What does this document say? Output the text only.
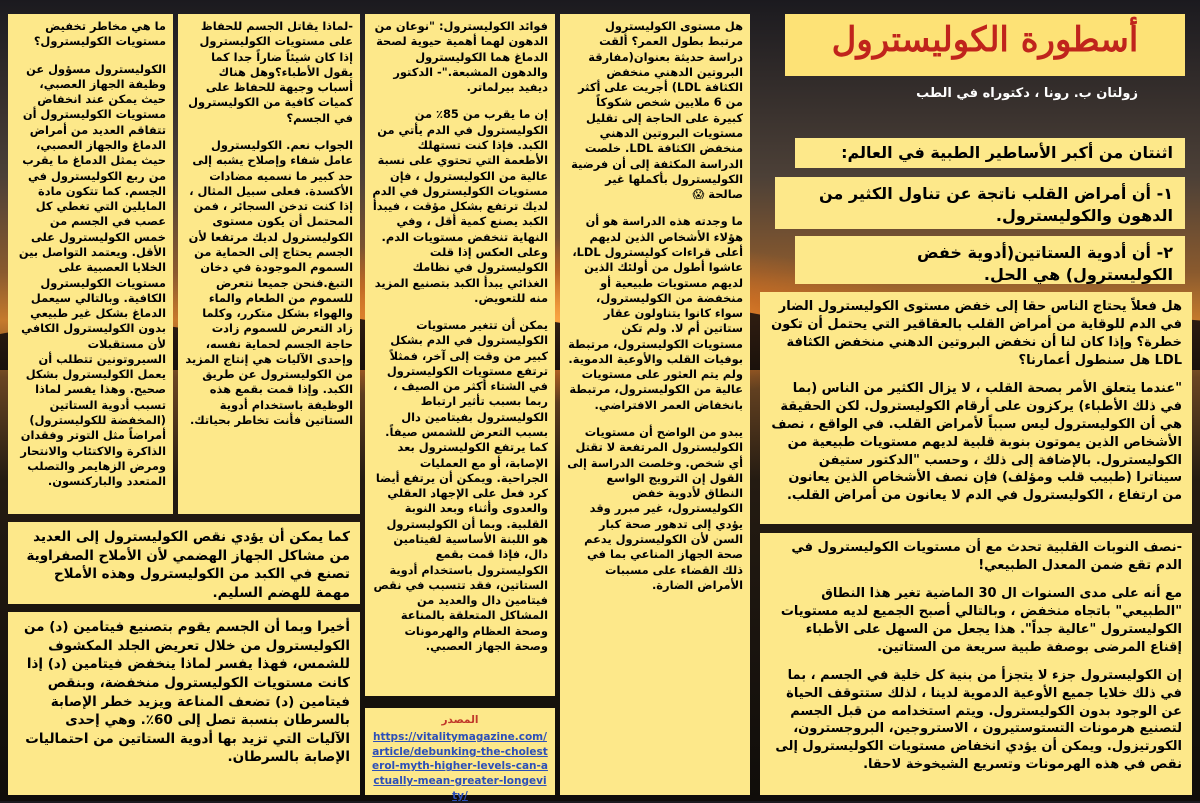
أسطورة الكوليسترول
زولتان ب. رونا ، دكتوراه في الطب
اثنتان من أكبر الأساطير الطبية في العالم:
١- أن أمراض القلب ناتجة عن تناول الكثير من الدهون والكوليسترول.
٢- أن أدوية الستاتين(أدوية خفض الكوليسترول) هي الحل.

هل فعلاً يحتاج الناس حقا إلى خفض مستوى الكوليسترول الضار في الدم للوقاية من أمراض القلب بالعقاقير التي يحتمل أن تكون خطرة؟ وإذا كان لنا أن نخفض البروتين الدهني منخفض الكثافة LDL هل سنطول أعمارنا؟

"عندما يتعلق الأمر بصحة القلب ، لا يزال الكثير من الناس (بما في ذلك الأطباء) يركزون على أرقام الكوليسترول. لكن الحقيقة هي أن الكوليسترول ليس سبباً لأمراض القلب. في الواقع ، نصف الأشخاص الذين يموتون بنوبة قلبية لديهم مستويات طبيعية من الكوليسترول. بالإضافة إلى ذلك ، وحسب "الدكتور ستيفن سيناترا (طبيب قلب ومؤلف) فإن نصف الأشخاص الذين يعانون من ارتفاع ، الكوليسترول في الدم لا يعانون من أمراض القلب.

-نصف النوبات القلبية تحدث مع أن مستويات الكوليسترول في الدم تقع ضمن المعدل الطبيعي!

مع أنه على مدى السنوات ال 30 الماضية تغير هذا النطاق "الطبيعي" باتجاه منخفض ، وبالتالي أصبح الجميع لديه مستويات الكوليسترول "عالية جداً". هذا يجعل من السهل على الأطباء إقناع المرضى بوصفة طبية سريعة من الستاتين.

إن الكوليسترول جزء لا يتجزأ من بنية كل خلية في الجسم ، بما في ذلك خلايا جميع الأوعية الدموية لدينا ، لذلك ستتوقف الحياة عن الوجود بدون الكوليسترول. ويتم استخدامه من قبل الجسم لتصنيع هرمونات التستوستيرون ، الاستروجين، البروجسترون، الكورتيزول. ويمكن أن يؤدي انخفاض مستويات الكوليسترول إلى نقص في هذه الهرمونات وتسريع الشيخوخة لاحقا.

هل مستوى الكوليسترول مرتبط بطول العمر؟ ألقت دراسة حديثة بعنوان(مفارقة البروتين الدهني منخفض الكثافة LDL) أجريت على أكثر من 6 ملايين شخص شكوكاً كبيرة على الحاجة إلى تقليل مستويات البروتين الدهني منخفض الكثافة LDL. خلصت الدراسة المكثفة إلى أن فرضية الكوليسترول بأكملها غير صالحة 😱

ما وجدته هذه الدراسة هو أن هؤلاء الأشخاص الذين لديهم أعلى قراءات كوليسترول LDL، عاشوا أطول من أولئك الذين لديهم مستويات طبيعية أو منخفضة من الكوليسترول، سواء كانوا يتناولون عقار ستاتين أم لا. ولم تكن مستويات الكوليسترول، مرتبطة بوفيات القلب والأوعية الدموية. ولم يتم العثور على مستويات عالية من الكوليسترول، مرتبطة بانخفاض العمر الافتراضي.

يبدو من الواضح أن مستويات الكوليسترول المرتفعة لا تقتل أي شخص. وخلصت الدراسة إلى القول إن الترويج الواسع النطاق لأدوية خفض الكوليسترول، غير مبرر وقد يؤدي إلى تدهور صحة كبار السن لأن الكوليسترول يدعم صحة الجهاز المناعي بما في ذلك القضاء على مسببات الأمراض الضارة.

فوائد الكوليسترول: "نوعان من الدهون لهما أهمية حيوية لصحة الدماغ هما الكوليسترول والدهون المشبعة."- الدكتور ديفيد بيرلماتر.

إن ما يقرب من 85٪ من الكوليسترول في الدم يأتي من الكبد. فإذا كنت تستهلك الأطعمة التي تحتوي على نسبة عالية من الكوليسترول ، فإن مستويات الكوليسترول في الدم لديك ترتفع بشكل مؤقت ، فيبدأ الكبد يصنع كمية أقل ، وفي النهاية تنخفض مستويات الدم. وعلى العكس إذا قلت الكوليسترول في نظامك الغذائي يبدأ الكبد بتصنيع المزيد منه للتعويض.

يمكن أن تتغير مستويات الكوليسترول في الدم بشكل كبير من وقت إلى آخر، فمثلاً ترتفع مستويات الكوليسترول في الشتاء أكثر من الصيف ، ربما بسبب تأثير ارتباط الكوليسترول بفيتامين دال بسبب التعرض للشمس صيفاً. كما يرتفع الكوليسترول بعد الإصابة، أو مع العمليات الجراحية. ويمكن أن يرتفع أيضا كرد فعل على الإجهاد العقلي والعدوى وأثناء وبعد النوبة القلبية. وبما أن الكوليسترول هو اللبنة الأساسية لفيتامين دال، فإذا قمت بقمع الكوليسترول باستخدام أدوية الستاتين، فقد تتسبب في نقص فيتامين دال والعديد من المشاكل المتعلقة بالمناعة وصحة العظام والهرمونات وصحة الجهاز العصبي.

المصدر
https://vitalitymagazine.com/article/debunking-the-cholesterol-myth-higher-levels-can-actually-mean-greater-longevity/

-لماذا يقاتل الجسم للحفاظ على مستويات الكوليسترول إذا كان شيئاً ضاراً جدا كما يقول الأطباء؟وهل هناك أسباب وجيهة للحفاظ على كميات كافية من الكوليسترول في الجسم؟

الجواب نعم. الكوليسترول عامل شفاء وإصلاح يشبه إلى حد كبير ما نسميه مضادات الأكسدة. فعلى سبيل المثال ، إذا كنت تدخن السجائر ، فمن المحتمل أن يكون مستوى الكوليسترول لديك مرتفعا لأن الجسم يحتاج إلى الحماية من السموم الموجودة في دخان التبغ.فنحن جميعا نتعرض للسموم من الطعام والماء والهواء بشكل متكرر، وكلما زاد التعرض للسموم زادت حاجة الجسم لحماية نفسه، وإحدى الآليات هي إنتاج المزيد من الكوليسترول عن طريق الكبد. وإذا قمت بقمع هذه الوظيفة باستخدام أدوية الستاتين فأنت تخاطر بحياتك.

ما هي مخاطر تخفيض مستويات الكوليسترول؟

الكوليسترول مسؤول عن وظيفة الجهاز العصبي، حيث يمكن عند انخفاض مستويات الكوليسترول أن تتفاقم العديد من أمراض الدماغ والجهاز العصبي، حيث يمثل الدماغ ما يقرب من ربع الكوليسترول في الجسم. كما تتكون مادة المايلين التي تغطي كل عصب في الجسم من خمس الكوليسترول على الأقل. ويعتمد التواصل بين الخلايا العصبية على مستويات الكوليسترول الكافية. وبالتالي سيعمل الدماغ بشكل غير طبيعي بدون الكوليسترول الكافي لأن مستقبلات السيروتونين تتطلب أن يعمل الكوليسترول بشكل صحيح. وهذا يفسر لماذا تسبب أدوية الستاتين (المخفضة للكوليسترول) أمراضاً مثل التوتر وفقدان الذاكرة والاكتئاب والانتحار ومرض الزهايمر والتصلب المتعدد والباركنسون.

كما يمكن أن يؤدي نقص الكوليسترول إلى العديد من مشاكل الجهاز الهضمي لأن الأملاح الصفراوية تصنع في الكبد من الكوليسترول وهذه الأملاح مهمة للهضم السليم.
أخيرا وبما أن الجسم يقوم بتصنيع فيتامين (د) من الكوليسترول من خلال تعريض الجلد المكشوف للشمس، فهذا يفسر لماذا ينخفض فيتامين (د) إذا كانت مستويات الكوليسترول منخفضة، وبنقص فيتامين (د) تضعف المناعة ويزيد خطر الإصابة بالسرطان بنسبة تصل إلى 60٪. وهي إحدى الآليات التي تزيد بها أدوية الستاتين من احتماليات الإصابة بالسرطان.
